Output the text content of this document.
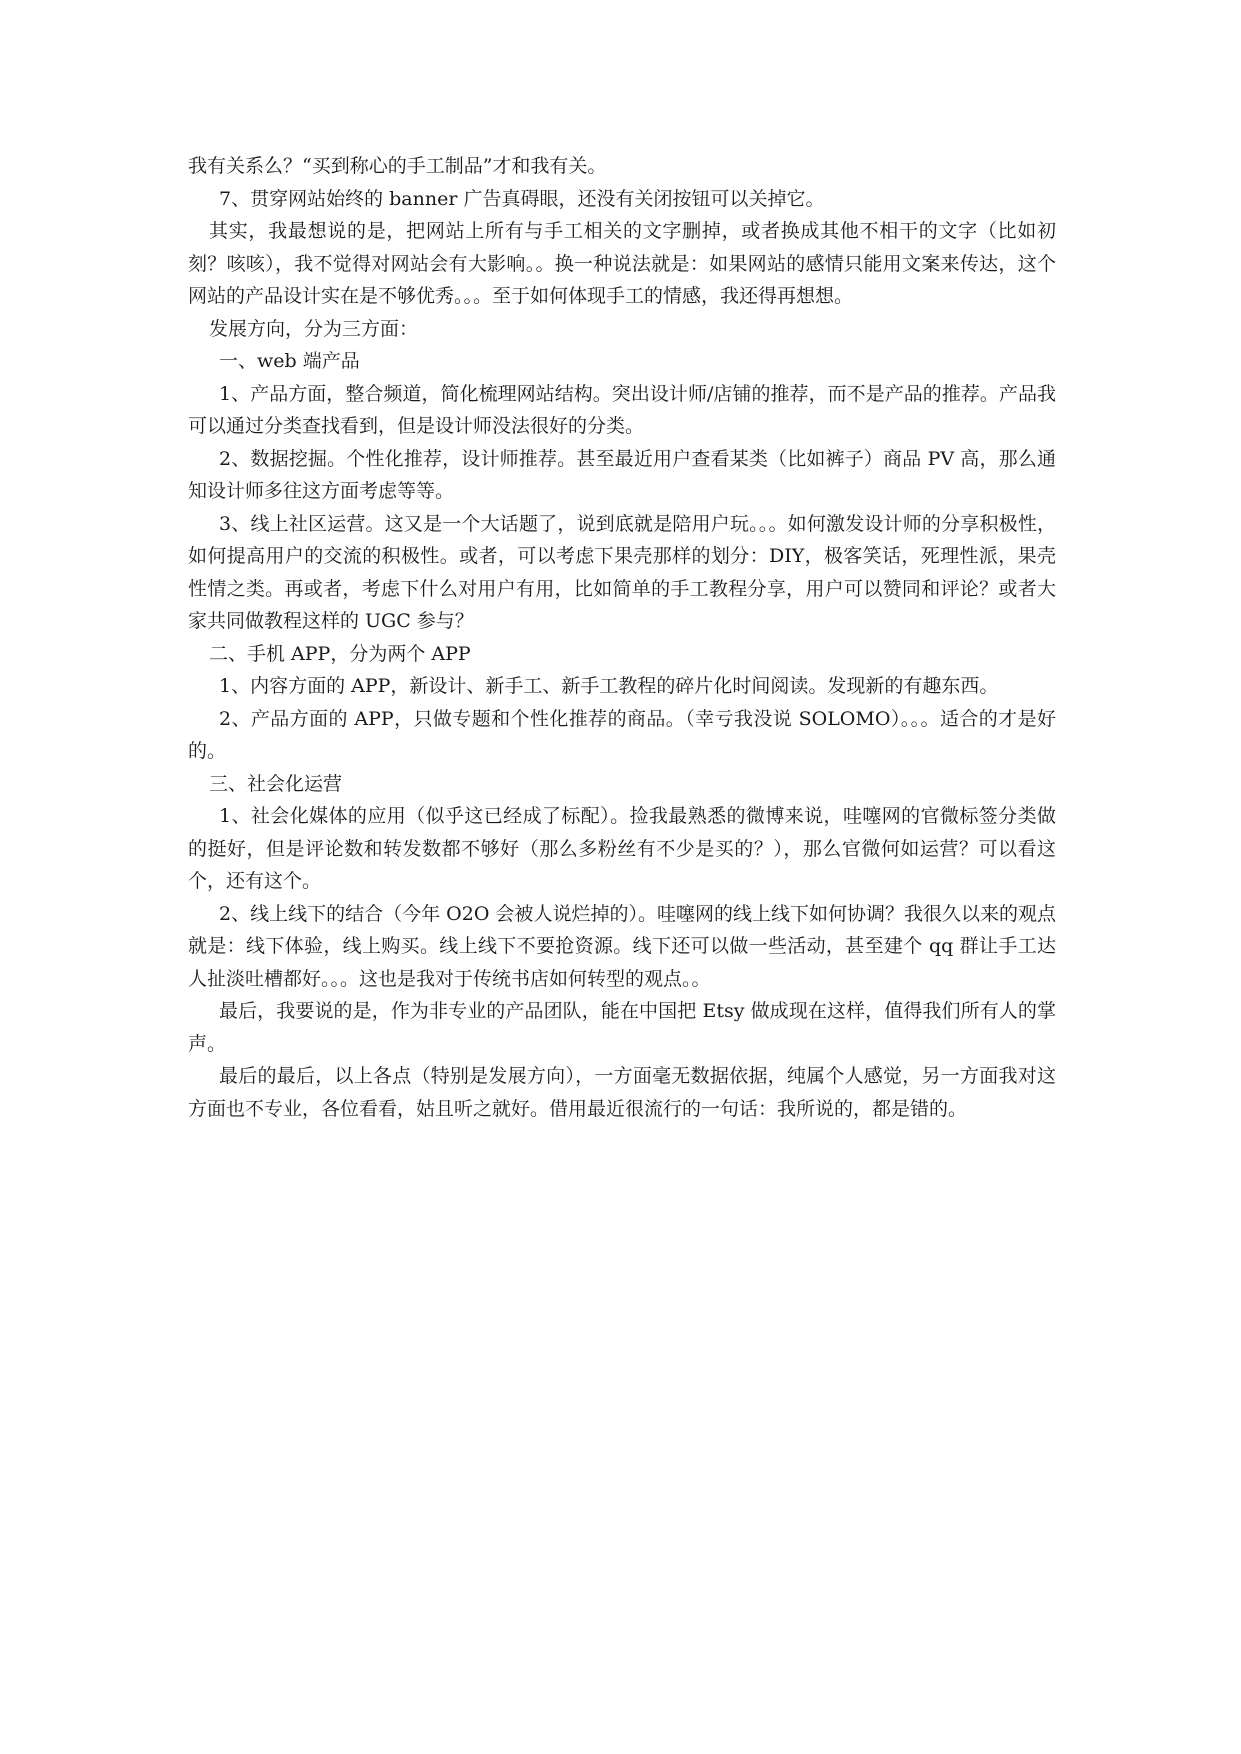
我有关系么？“买到称心的手工制品”才和我有关。

7、贯穿网站始终的 banner 广告真碍眼，还没有关闭按钮可以关掉它。

其实，我最想说的是，把网站上所有与手工相关的文字删掉，或者换成其他不相干的文字（比如初刻？咳咳），我不觉得对网站会有大影响。。换一种说法就是：如果网站的感情只能用文案来传达，这个网站的产品设计实在是不够优秀。。。至于如何体现手工的情感，我还得再想想。

发展方向，分为三方面：

一、web 端产品

1、产品方面，整合频道，简化梳理网站结构。突出设计师/店铺的推荐，而不是产品的推荐。产品我可以通过分类查找看到，但是设计师没法很好的分类。

2、数据挖掘。个性化推荐，设计师推荐。甚至最近用户查看某类（比如裤子）商品 PV 高，那么通知设计师多往这方面考虑等等。

3、线上社区运营。这又是一个大话题了，说到底就是陪用户玩。。。如何激发设计师的分享积极性，如何提高用户的交流的积极性。或者，可以考虑下果壳那样的划分：DIY，极客笑话，死理性派，果壳性情之类。再或者，考虑下什么对用户有用，比如简单的手工教程分享，用户可以赞同和评论？或者大家共同做教程这样的 UGC 参与？

二、手机 APP，分为两个 APP

1、内容方面的 APP，新设计、新手工、新手工教程的碎片化时间阅读。发现新的有趣东西。

2、产品方面的 APP，只做专题和个性化推荐的商品。（幸亏我没说 SOLOMO）。。。适合的才是好的。

三、社会化运营

1、社会化媒体的应用（似乎这已经成了标配）。捡我最熟悉的微博来说，哇噻网的官微标签分类做的挺好，但是评论数和转发数都不够好（那么多粉丝有不少是买的？），那么官微何如运营？可以看这个，还有这个。

2、线上线下的结合（今年 O2O 会被人说烂掉的）。哇噻网的线上线下如何协调？我很久以来的观点就是：线下体验，线上购买。线上线下不要抢资源。线下还可以做一些活动，甚至建个 qq 群让手工达人扯淡吐槽都好。。。这也是我对于传统书店如何转型的观点。。

最后，我要说的是，作为非专业的产品团队，能在中国把 Etsy 做成现在这样，值得我们所有人的掌声。

最后的最后，以上各点（特别是发展方向），一方面毫无数据依据，纯属个人感觉，另一方面我对这方面也不专业，各位看看，姑且听之就好。借用最近很流行的一句话：我所说的，都是错的。
